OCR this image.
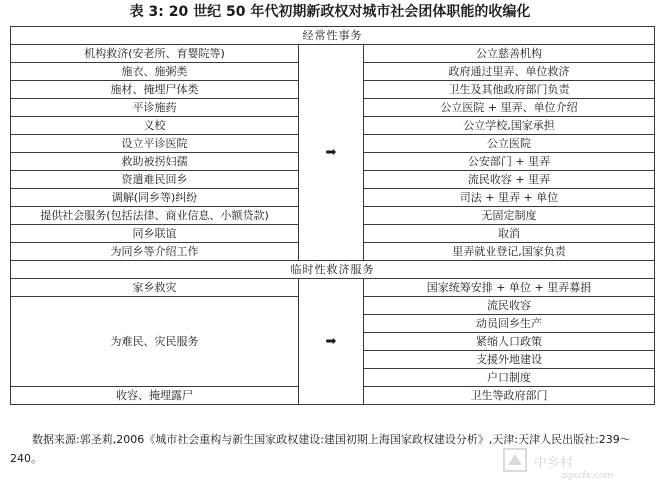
表 3: 20 世纪 50 年代初期新政权对城市社会团体职能的收编化
经常性事务		
机构救济(安老所、育婴院等)	➡	公立慈善机构
施衣、施粥类		政府通过里弄、单位救济
施材、掩埋尸体类		卫生及其他政府部门负责
平诊施药		公立医院 + 里弄、单位介绍
义校		公立学校,国家承担
设立平诊医院		公立医院
救助被拐妇孺		公安部门 + 里弄
资遣难民回乡		流民收容 + 里弄
调解(同乡等)纠纷		司法 + 里弄 + 单位
提供社会服务(包括法律、商业信息、小额贷款)		无固定制度
同乡联谊		取消
为同乡等介绍工作		里弄就业登记,国家负责
临时性救济服务		
家乡救灾	➡	国家统筹安排 + 单位 + 里弄募捐
为难民、灾民服务		流民收容
		动员回乡生产
		紧缩人口政策
		支援外地建设
		户口制度
收容、掩埋露尸		卫生等政府部门
数据来源:郭圣莉,2006《城市社会重构与新生国家政权建设:建国初期上海国家政权建设分析》,天津:天津人民出版社:239～240。	中乡村
zgxcfx.com
